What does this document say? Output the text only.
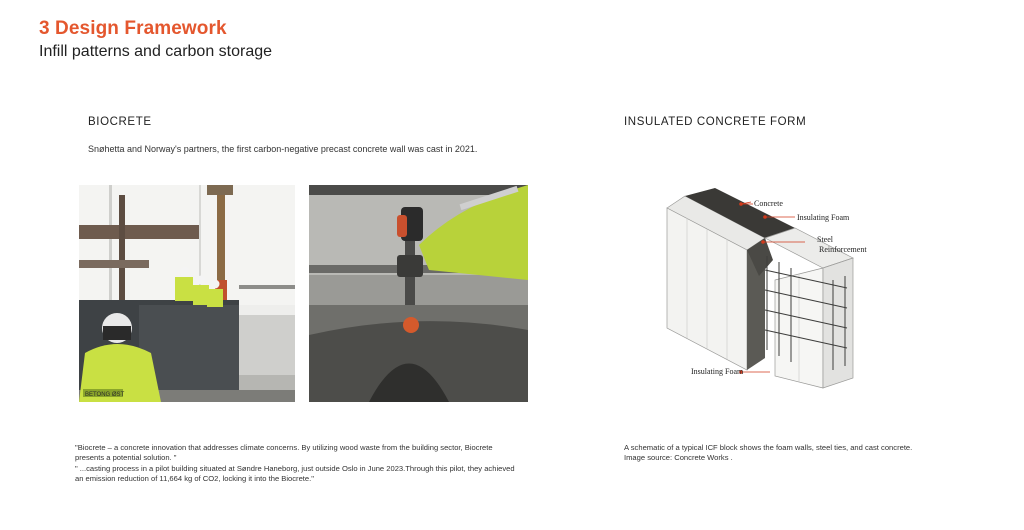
3 Design Framework
Infill patterns and carbon storage
BIOCRETE	INSULATED CONCRETE FORM
Snøhetta and Norway's partners, the first carbon-negative precast concrete wall was cast in 2021.
BETONG ØST
Concrete
Insulating Foam
Steel
Reinforcement
Insulating Foam
"Biocrete – a concrete innovation that addresses climate concerns. By utilizing wood waste from the building sector, Biocrete presents a potential solution. "
" ...casting process in a pilot building situated at Søndre Haneborg, just outside Oslo in June 2023.Through this pilot, they achieved an emission reduction of 11,664 kg of CO2, locking it into the Biocrete."
A schematic of a typical ICF block shows the foam walls, steel ties, and cast concrete.
Image source: Concrete Works .
